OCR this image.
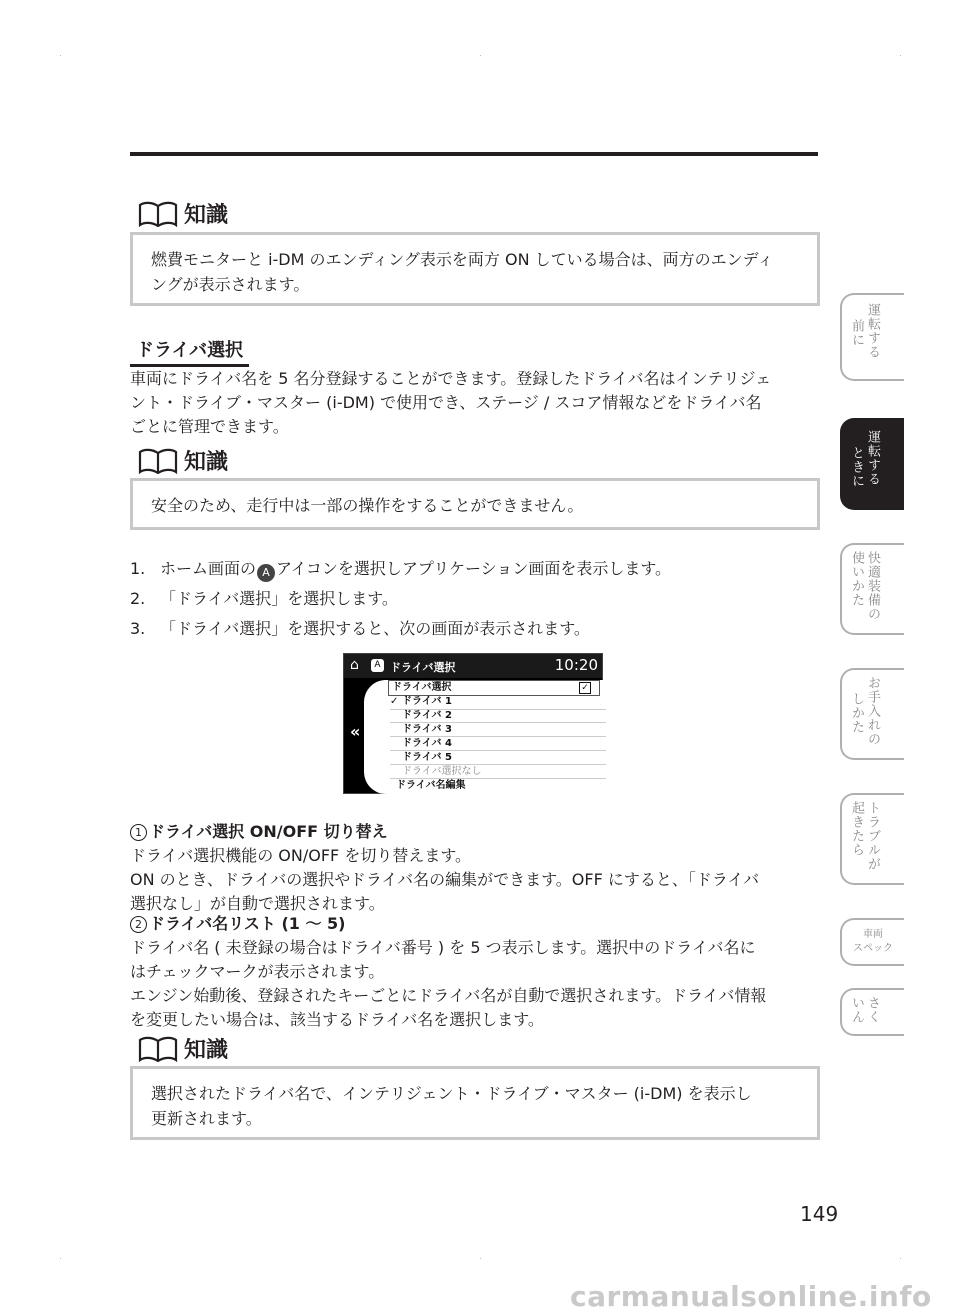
知識
燃費モニターと i-DM のエンディング表示を両方 ON している場合は、両方のエンディ
ングが表示されます。
ドライバ選択
車両にドライバ名を 5 名分登録することができます。登録したドライバ名はインテリジェ
ント・ドライブ・マスター (i-DM) で使用でき、ステージ / スコア情報などをドライバ名
ごとに管理できます。
知識
安全のため、走行中は一部の操作をすることができません。
1. ホーム画面の A アイコンを選択しアプリケーション画面を表示します。
2. 「ドライバ選択」を選択します。
3. 「ドライバ選択」を選択すると、次の画面が表示されます。
⌂	A ドライバ選択	10:20
«
ドライバ選択	✓
✓ ドライバ 1
ドライバ 2
ドライバ 3
ドライバ 4
ドライバ 5
ドライバ選択なし
ドライバ名編集
1 ドライバ選択 ON/OFF 切り替え
ドライバ選択機能の ON/OFF を切り替えます。
ON のとき、ドライバの選択やドライバ名の編集ができます。OFF にすると、「ドライバ
選択なし」が自動で選択されます。
2 ドライバ名リスト (1 〜 5)
ドライバ名 ( 未登録の場合はドライバ番号 ) を 5 つ表示します。選択中のドライバ名に
はチェックマークが表示されます。
エンジン始動後、登録されたキーごとにドライバ名が自動で選択されます。ドライバ情報
を変更したい場合は、該当するドライバ名を選択します。
知識
選択されたドライバ名で、インテリジェント・ドライブ・マスター (i-DM) を表示し
更新されます。
149
運転する
前に
運転する
ときに
快適装備の
使いかた
お手入れの
しかた
トラブルが
起きたら
車両
スペック
さく
いん
carmanualsonline.info
